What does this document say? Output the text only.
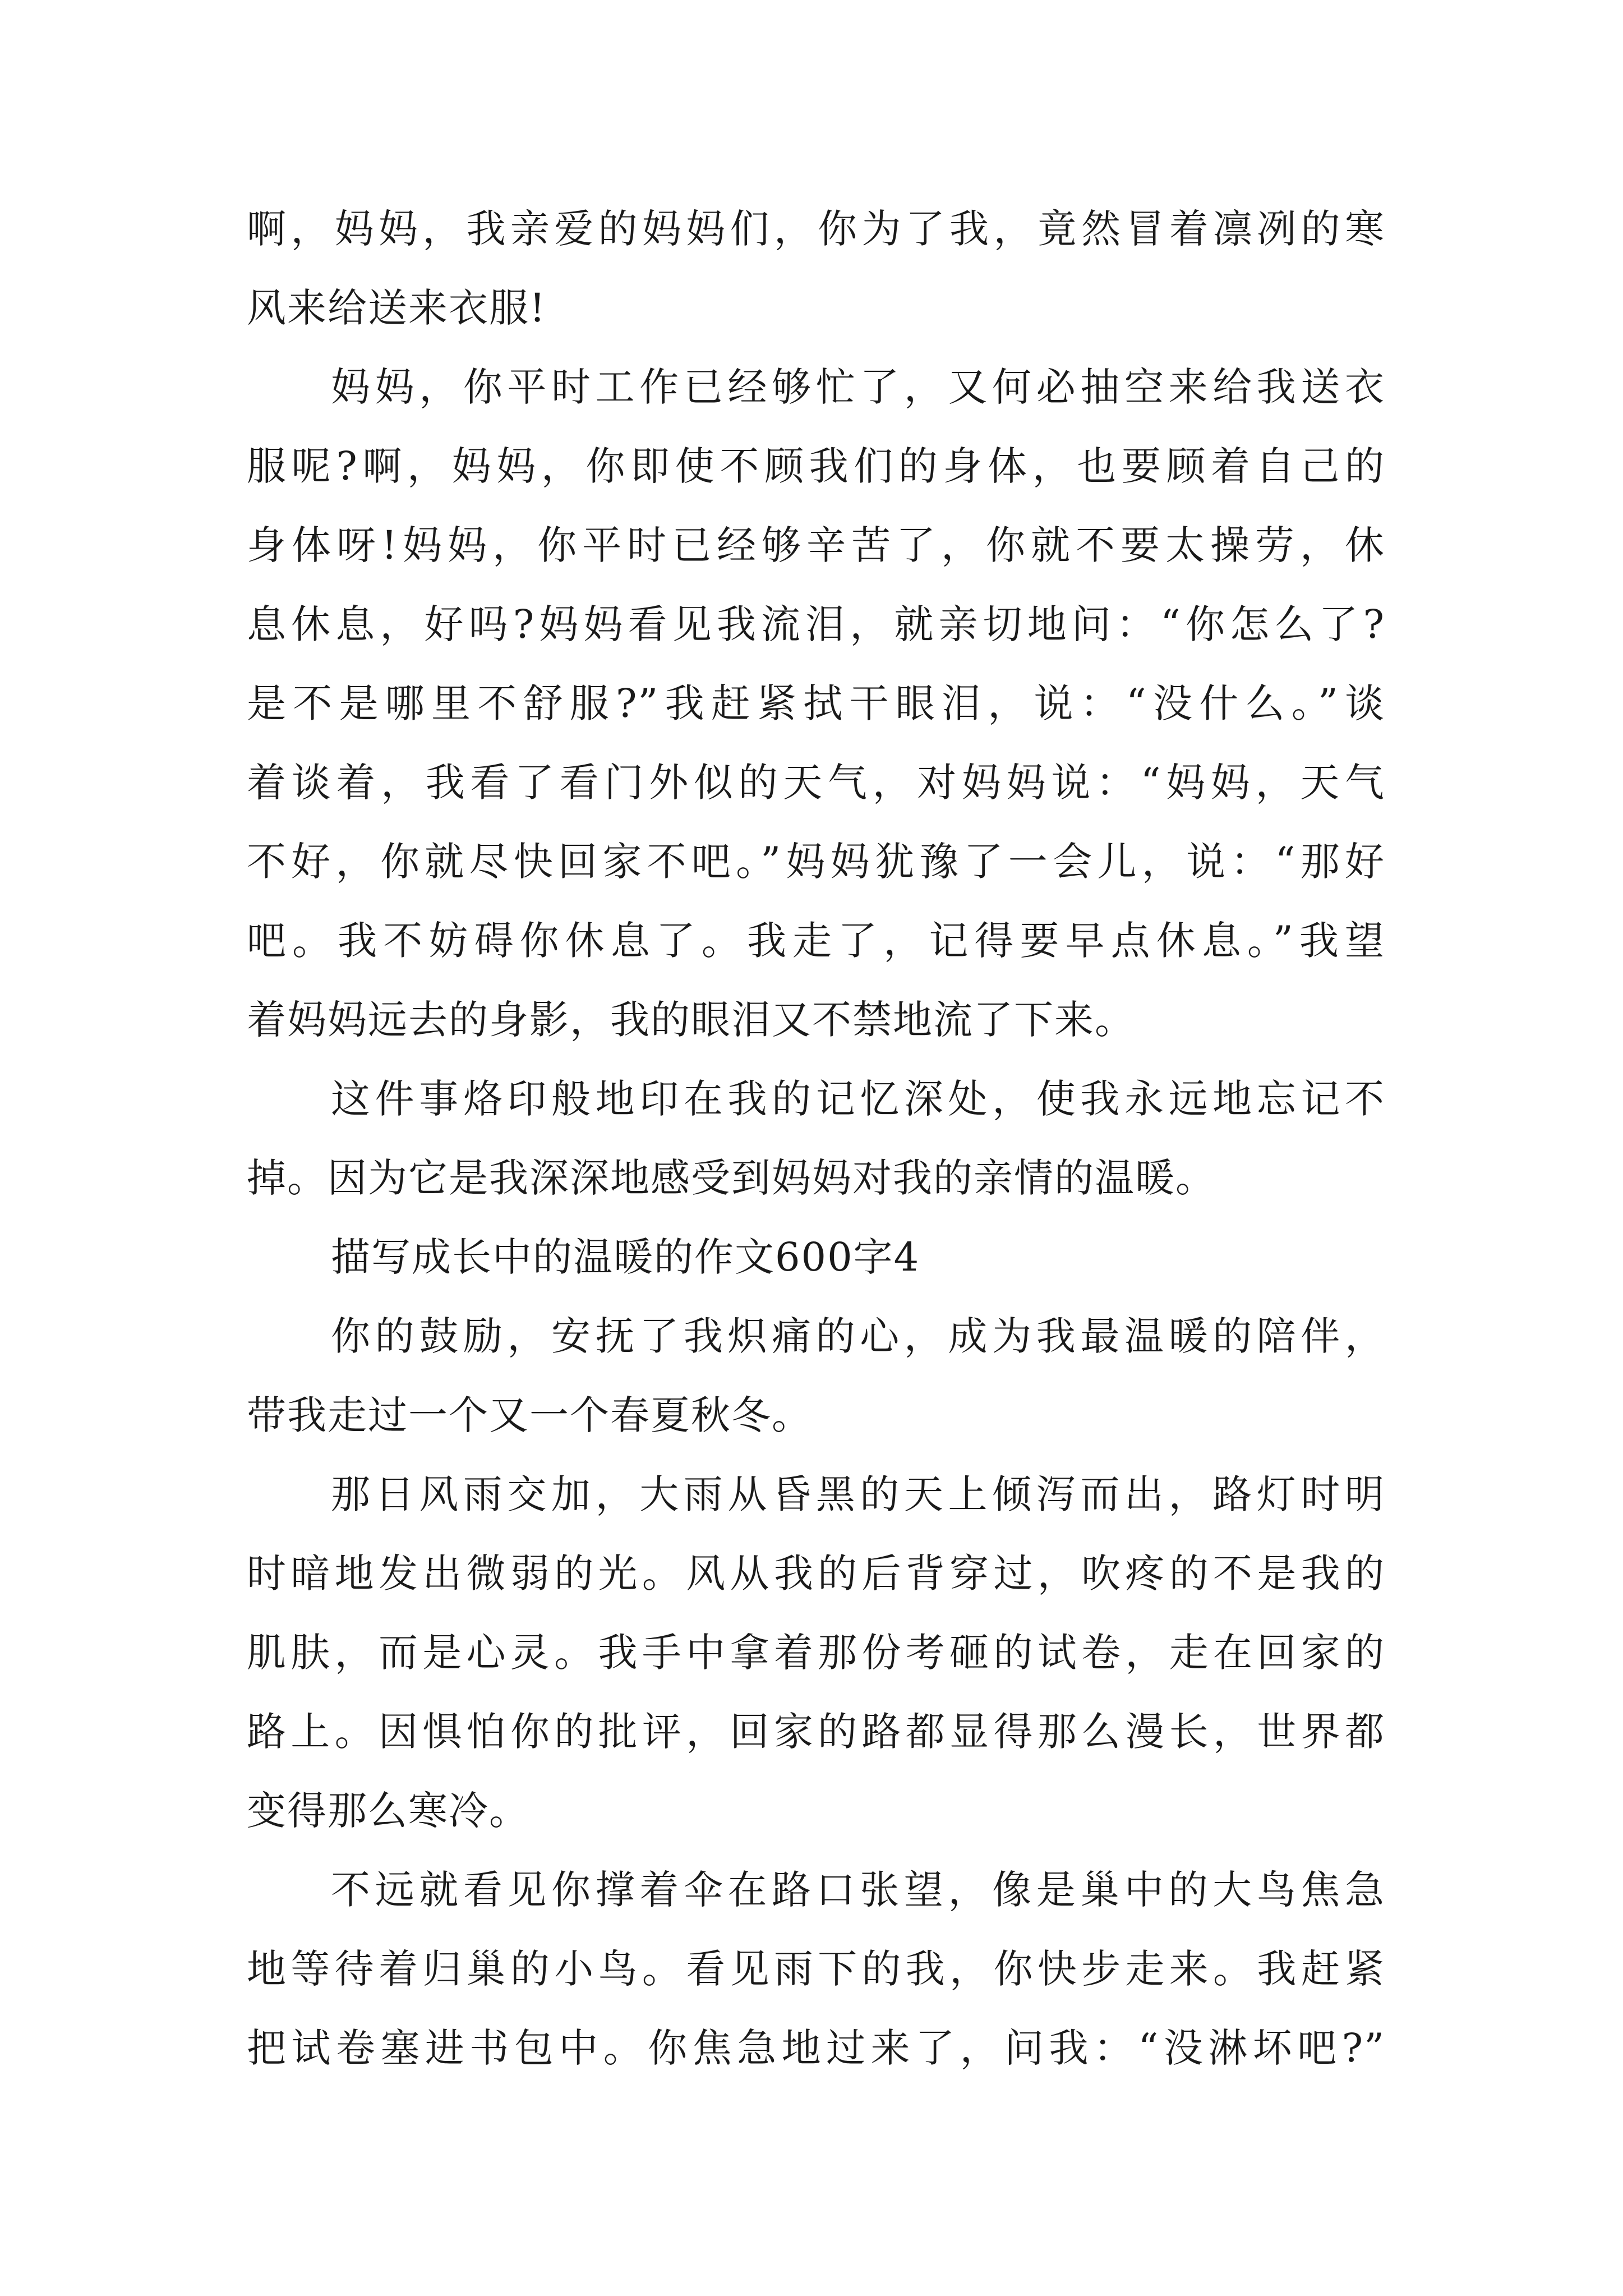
啊，妈妈，我亲爱的妈妈们，你为了我，竟然冒着凛冽的寒
风来给送来衣服!
妈妈，你平时工作已经够忙了，又何必抽空来给我送衣
服呢?啊，妈妈，你即使不顾我们的身体，也要顾着自己的
身体呀!妈妈，你平时已经够辛苦了，你就不要太操劳，休
息休息，好吗?妈妈看见我流泪，就亲切地问：“你怎么了?
是不是哪里不舒服?”我赶紧拭干眼泪，说：“没什么。”谈
着谈着，我看了看门外似的天气，对妈妈说：“妈妈，天气
不好，你就尽快回家不吧。”妈妈犹豫了一会儿，说：“那好
吧。我不妨碍你休息了。我走了，记得要早点休息。”我望
着妈妈远去的身影，我的眼泪又不禁地流了下来。
这件事烙印般地印在我的记忆深处，使我永远地忘记不
掉。因为它是我深深地感受到妈妈对我的亲情的温暖。
描写成长中的温暖的作文600字4
你的鼓励，安抚了我炽痛的心，成为我最温暖的陪伴，
带我走过一个又一个春夏秋冬。
那日风雨交加，大雨从昏黑的天上倾泻而出，路灯时明
时暗地发出微弱的光。风从我的后背穿过，吹疼的不是我的
肌肤，而是心灵。我手中拿着那份考砸的试卷，走在回家的
路上。因惧怕你的批评，回家的路都显得那么漫长，世界都
变得那么寒冷。
不远就看见你撑着伞在路口张望，像是巢中的大鸟焦急
地等待着归巢的小鸟。看见雨下的我，你快步走来。我赶紧
把试卷塞进书包中。你焦急地过来了，问我：“没淋坏吧?”
